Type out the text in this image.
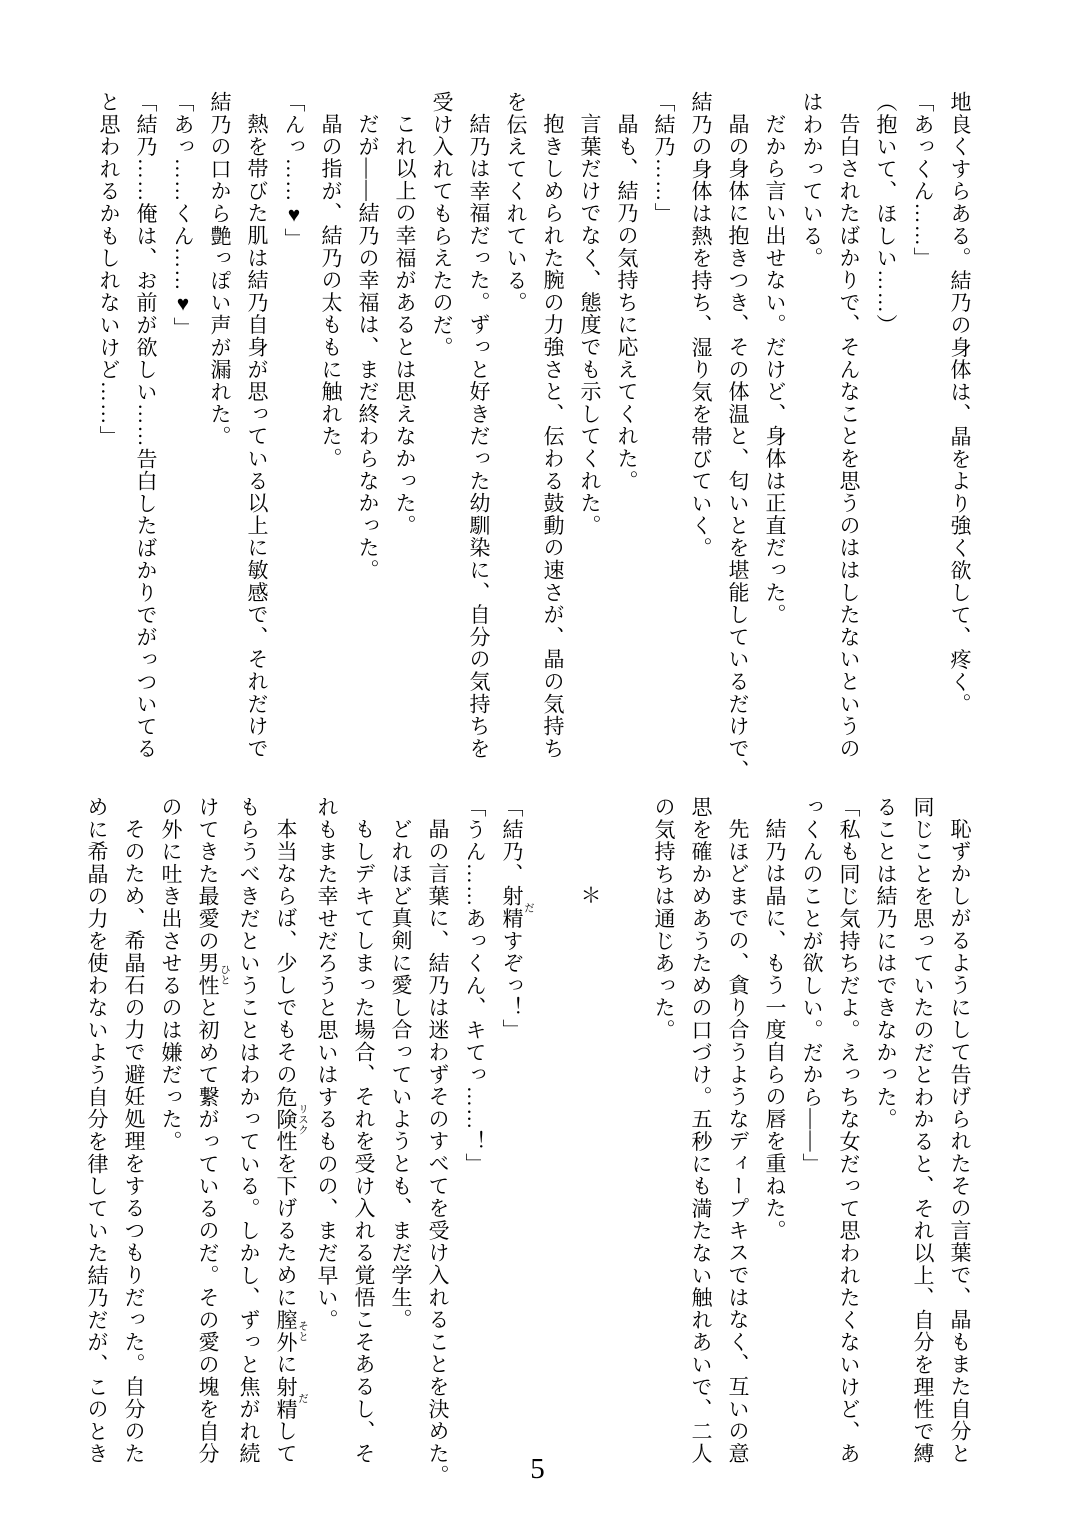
地良くすらある。結乃の身体は、晶をより強く欲して、疼く。
「あっくん……」
（抱いて、ほしい……）
告白されたばかりで、そんなことを思うのははしたないというの
はわかっている。
だから言い出せない。だけど、身体は正直だった。
晶の身体に抱きつき、その体温と、匂いとを堪能しているだけで、
結乃の身体は熱を持ち、湿り気を帯びていく。
「結乃……」
晶も、結乃の気持ちに応えてくれた。
言葉だけでなく、態度でも示してくれた。
抱きしめられた腕の力強さと、伝わる鼓動の速さが、晶の気持ち
を伝えてくれている。
結乃は幸福だった。ずっと好きだった幼馴染に、自分の気持ちを
受け入れてもらえたのだ。
これ以上の幸福があるとは思えなかった。
だが——結乃の幸福は、まだ終わらなかった。
晶の指が、結乃の太ももに触れた。
「んっ……♥」
熱を帯びた肌は結乃自身が思っている以上に敏感で、それだけで
結乃の口から艶っぽい声が漏れた。
「あっ……くん……♥」
「結乃……俺は、お前が欲しい……告白したばかりでがっついてる
と思われるかもしれないけど……」
恥ずかしがるようにして告げられたその言葉で、晶もまた自分と
同じことを思っていたのだとわかると、それ以上、自分を理性で縛
ることは結乃にはできなかった。
「私も同じ気持ちだよ。えっちな女だって思われたくないけど、あ
っくんのことが欲しい。だから——」
結乃は晶に、もう一度自らの唇を重ねた。
先ほどまでの、貪り合うようなディープキスではなく、互いの意
思を確かめあうための口づけ。五秒にも満たない触れあいで、二人
の気持ちは通じあった。
＊
「結乃、射精 だすぞっ！」
「うん……あっくん、キてっ……！」
晶の言葉に、結乃は迷わずそのすべてを受け入れることを決めた。
どれほど真剣に愛し合っていようとも、まだ学生。
もしデキてしまった場合、それを受け入れる覚悟こそあるし、そ
れもまた幸せだろうと思いはするものの、まだ早い。
本当ならば、少しでもその危険性 リスクを下げるために膣外 そとに射精 だして
もらうべきだということはわかっている。しかし、ずっと焦がれ続
けてきた最愛の男性 ひとと初めて繋がっているのだ。その愛の塊を自分
の外に吐き出させるのは嫌だった。
そのため、希晶石の力で避妊処理をするつもりだった。自分のた
めに希晶の力を使わないよう自分を律していた結乃だが、このとき
5
